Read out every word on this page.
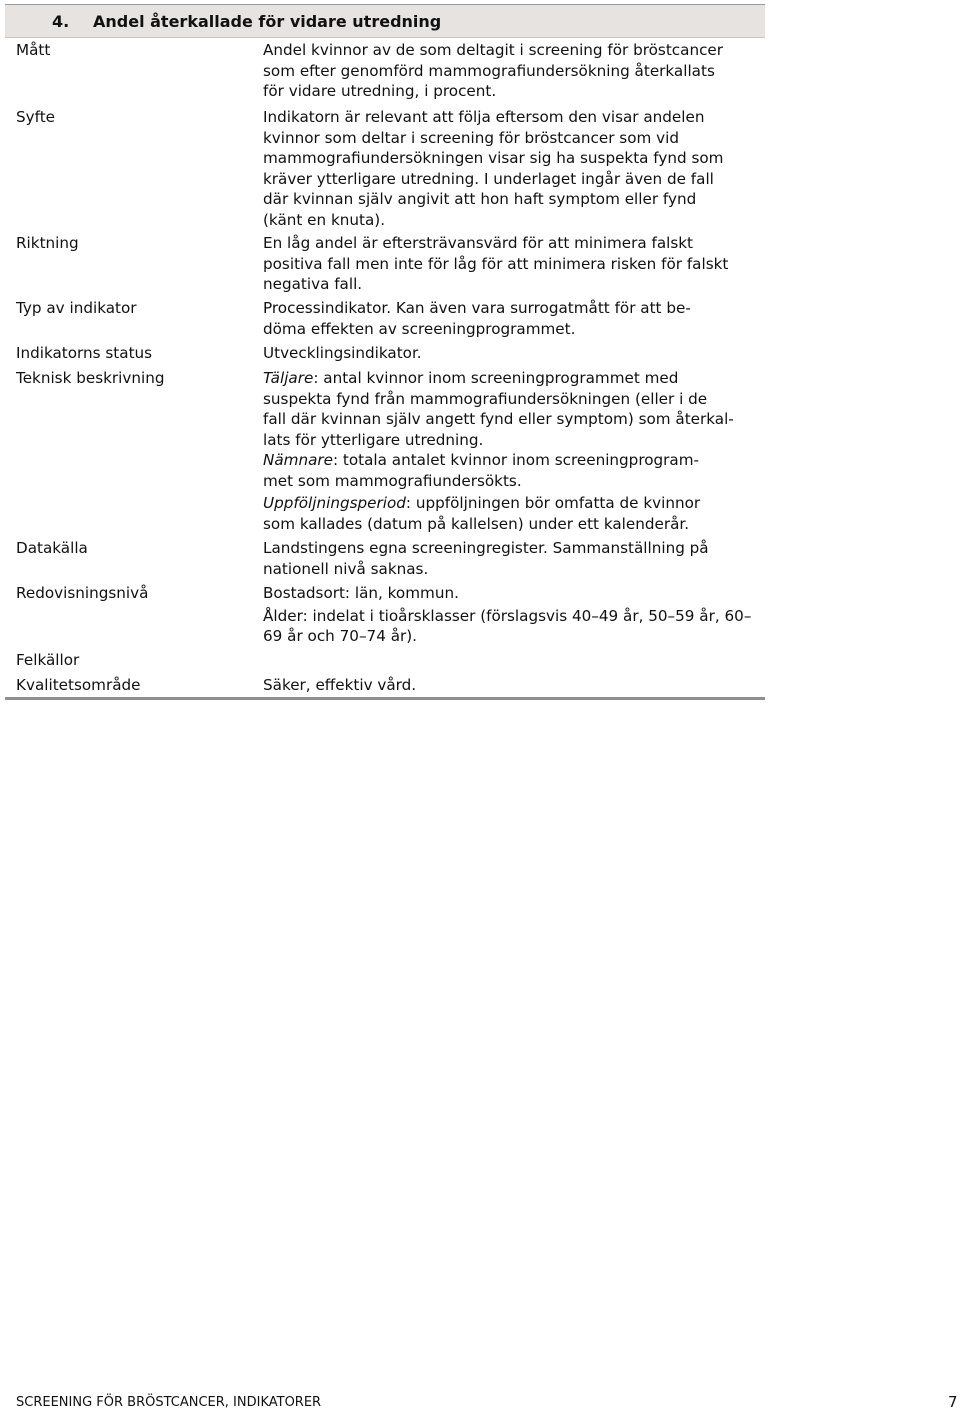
4. Andel återkallade för vidare utredning
Mått	Andel kvinnor av de som deltagit i screening för bröstcancer

som efter genomförd mammografiundersökning återkallats

för vidare utredning, i procent.

Syfte	Indikatorn är relevant att följa eftersom den visar andelen

kvinnor som deltar i screening för bröstcancer som vid

mammografiundersökningen visar sig ha suspekta fynd som

kräver ytterligare utredning. I underlaget ingår även de fall

där kvinnan själv angivit att hon haft symptom eller fynd

(känt en knuta).

Riktning	En låg andel är eftersträvansvärd för att minimera falskt

positiva fall men inte för låg för att minimera risken för falskt

negativa fall.

Typ av indikator	Processindikator. Kan även vara surrogatmått för att be-

döma effekten av screeningprogrammet.

Indikatorns status	Utvecklingsindikator.

Teknisk beskrivning	Täljare: antal kvinnor inom screeningprogrammet med

suspekta fynd från mammografiundersökningen (eller i de

fall där kvinnan själv angett fynd eller symptom) som återkal-

lats för ytterligare utredning.

Nämnare: totala antalet kvinnor inom screeningprogram-

met som mammografiundersökts.

Uppföljningsperiod: uppföljningen bör omfatta de kvinnor

som kallades (datum på kallelsen) under ett kalenderår.

Datakälla	Landstingens egna screeningregister. Sammanställning på

nationell nivå saknas.

Redovisningsnivå	Bostadsort: län, kommun.

Ålder: indelat i tioårsklasser (förslagsvis 40–49 år, 50–59 år, 60–

69 år och 70–74 år).

Felkällor
Kvalitetsområde	Säker, effektiv vård.

SCREENING FÖR BRÖSTCANCER, INDIKATORER	7
